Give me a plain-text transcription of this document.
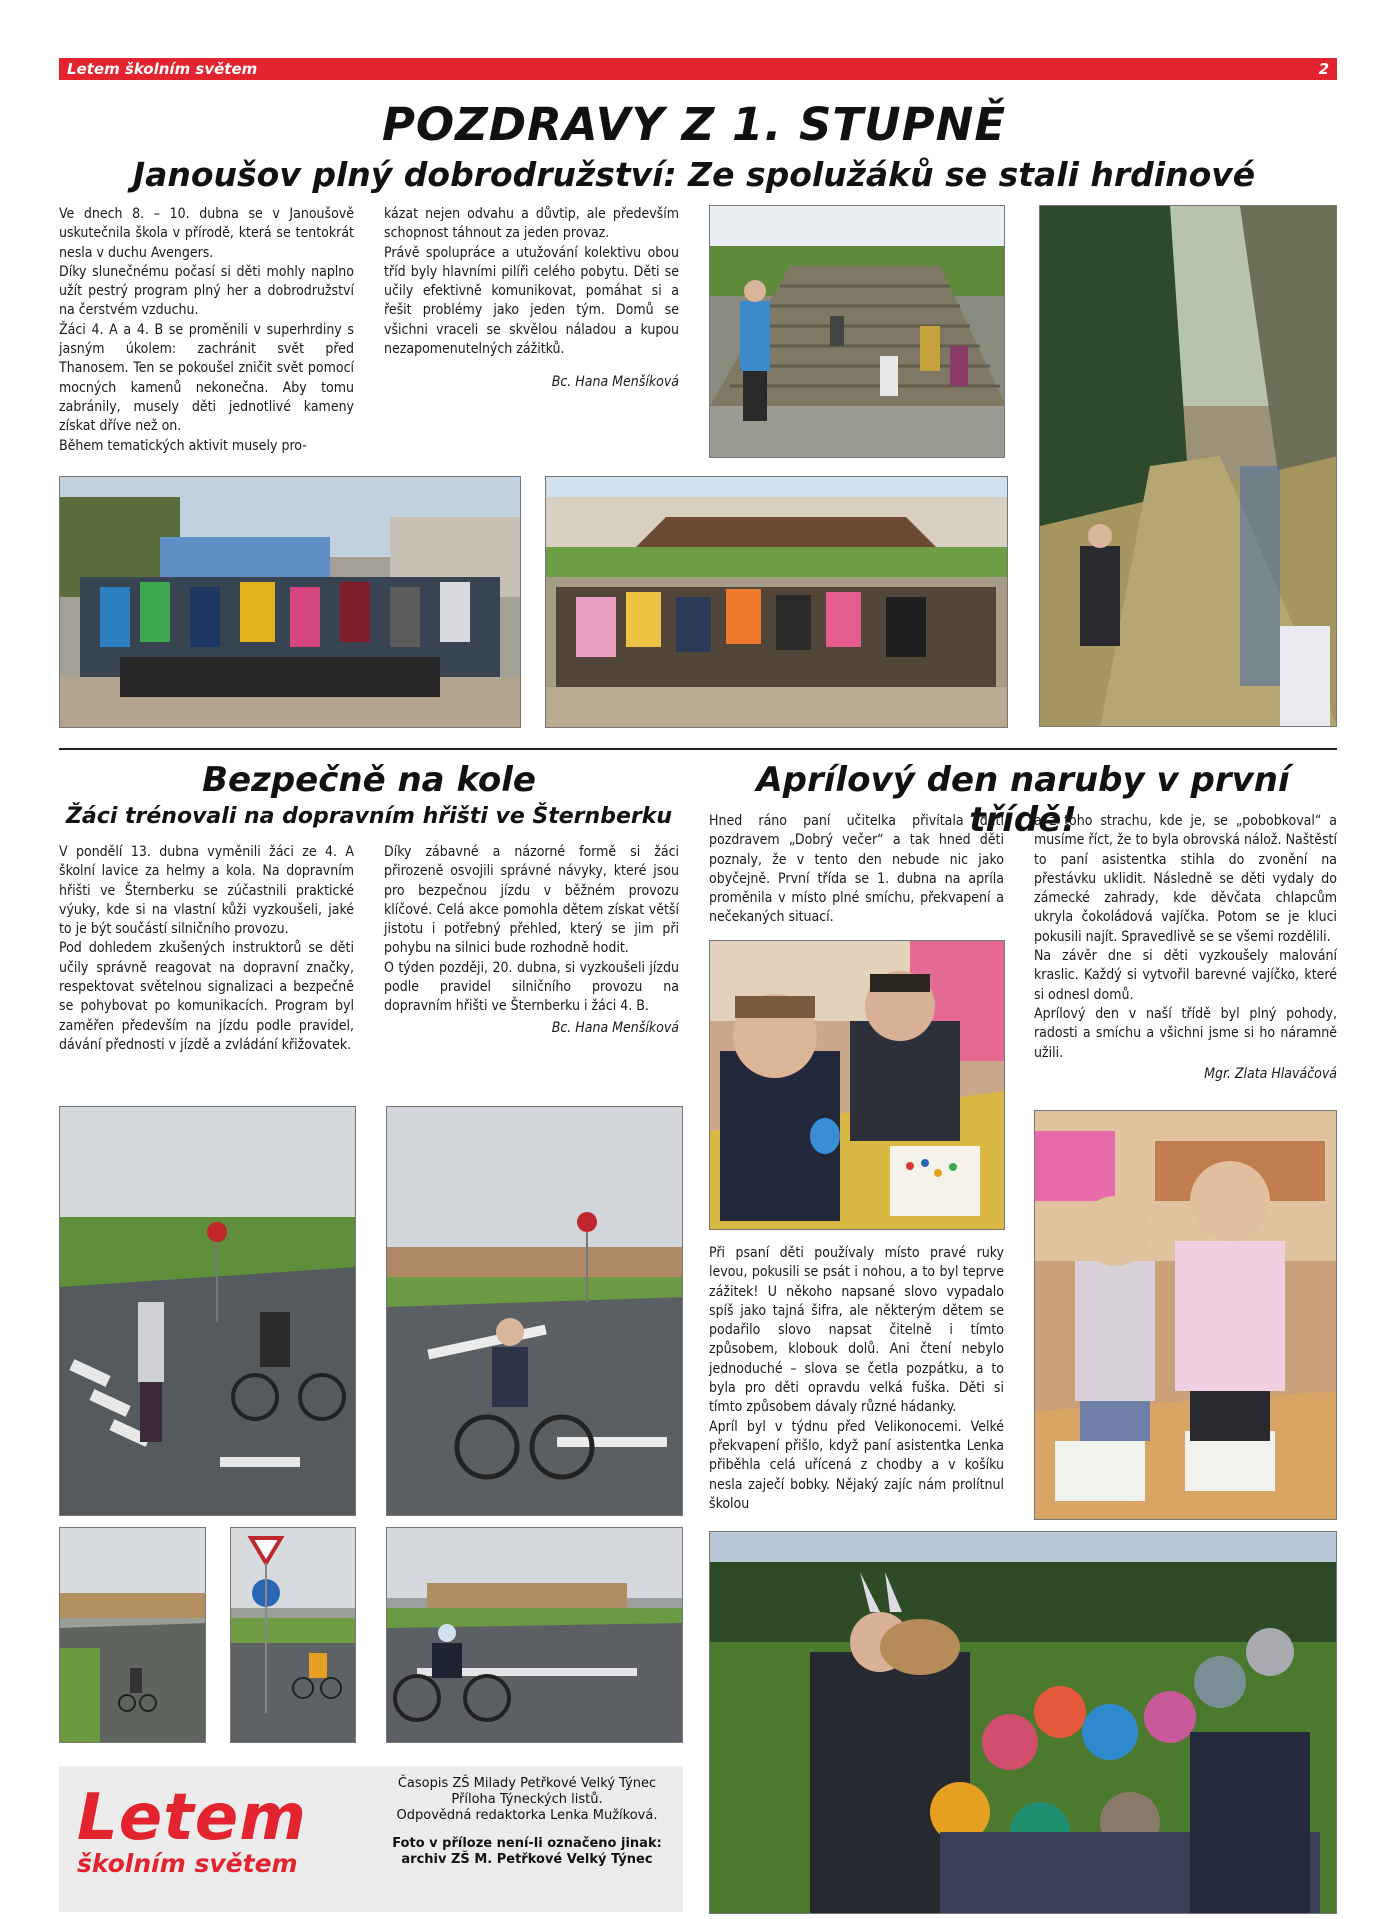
Letem školním světem	2
POZDRAVY Z 1. STUPNĚ
Janoušov plný dobrodružství: Ze spolužáků se stali hrdinové

Ve dnech 8. – 10. dubna se v Janoušově uskutečnila škola v přírodě, která se tentokrát nesla v duchu Avengers.

Díky slunečnému počasí si děti mohly naplno užít pestrý program plný her a dobrodružství na čerstvém vzduchu.

Žáci 4. A a 4. B se proměnili v superhrdiny s jasným úkolem: zachránit svět před Thanosem. Ten se pokoušel zničit svět pomocí mocných kamenů nekonečna. Aby tomu zabránily, musely děti jednotlivé kameny získat dříve než on.

Během tematických aktivit musely pro-

kázat nejen odvahu a důvtip, ale především schopnost táhnout za jeden provaz.

Právě spolupráce a utužování kolektivu obou tříd byly hlavními pilíři celého pobytu. Děti se učily efektivně komunikovat, pomáhat si a řešit problémy jako jeden tým. Domů se všichni vraceli se skvělou náladou a kupou nezapomenutelných zážitků.

Bc. Hana Menšíková

Bezpečně na kole
Žáci trénovali na dopravním hřišti ve Šternberku

V pondělí 13. dubna vyměnili žáci ze 4. A školní lavice za helmy a kola. Na dopravním hřišti ve Šternberku se zúčastnili praktické výuky, kde si na vlastní kůži vyzkoušeli, jaké to je být součástí silničního provozu.

Pod dohledem zkušených instruktorů se děti učily správně reagovat na dopravní značky, respektovat světelnou signalizaci a bezpečně se pohybovat po komunikacích. Program byl zaměřen především na jízdu podle pravidel, dávání přednosti v jízdě a zvládání křižovatek.

Díky zábavné a názorné formě si žáci přirozeně osvojili správné návyky, které jsou pro bezpečnou jízdu v běžném provozu klíčové. Celá akce pomohla dětem získat větší jistotu i potřebný přehled, který se jim při pohybu na silnici bude rozhodně hodit.

O týden později, 20. dubna, si vyzkoušeli jízdu podle pravidel silničního provozu na dopravním hřišti ve Šternberku i žáci 4. B.

Bc. Hana Menšíková

Aprílový den naruby v první třídě!

Hned ráno paní učitelka přivítala děti pozdravem „Dobrý večer“ a tak hned děti poznaly, že v tento den nebude nic jako obyčejně. První třída se 1. dubna na apríla proměnila v místo plné smíchu, překvapení a nečekaných situací.

Při psaní děti používaly místo pravé ruky levou, pokusili se psát i nohou, a to byl teprve zážitek! U někoho napsané slovo vypadalo spíš jako tajná šifra, ale některým dětem se podařilo slovo napsat čitelně i tímto způsobem, klobouk dolů. Ani čtení nebylo jednoduché – slova se četla pozpátku, a to byla pro děti opravdu velká fuška. Děti si tímto způsobem dávaly různé hádanky.

Apríl byl v týdnu před Velikonocemi. Velké překvapení přišlo, když paní asistentka Lenka přiběhla celá uřícená z chodby a v košíku nesla zaječí bobky. Nějaký zajíc nám prolítnul školou

a z toho strachu, kde je, se „pobobkoval“ a musíme říct, že to byla obrovská nálož. Naštěstí to paní asistentka stihla do zvonění na přestávku uklidit. Následně se děti vydaly do zámecké zahrady, kde děvčata chlapcům ukryla čokoládová vajíčka. Potom se je kluci pokusili najít. Spravedlivě se se všemi rozdělili.

Na závěr dne si děti vyzkoušely malování kraslic. Každý si vytvořil barevné vajíčko, které si odnesl domů.

Aprílový den v naší třídě byl plný pohody, radosti a smíchu a všichni jsme si ho náramně užili.

Mgr. Zlata Hlaváčová

Letem
školním světem
Časopis ZŠ Milady Petřkové Velký Týnec
Příloha Týneckých listů.
Odpovědná redaktorka Lenka Mužíková.
Foto v příloze není-li označeno jinak:
archiv ZŠ M. Petřkové Velký Týnec
